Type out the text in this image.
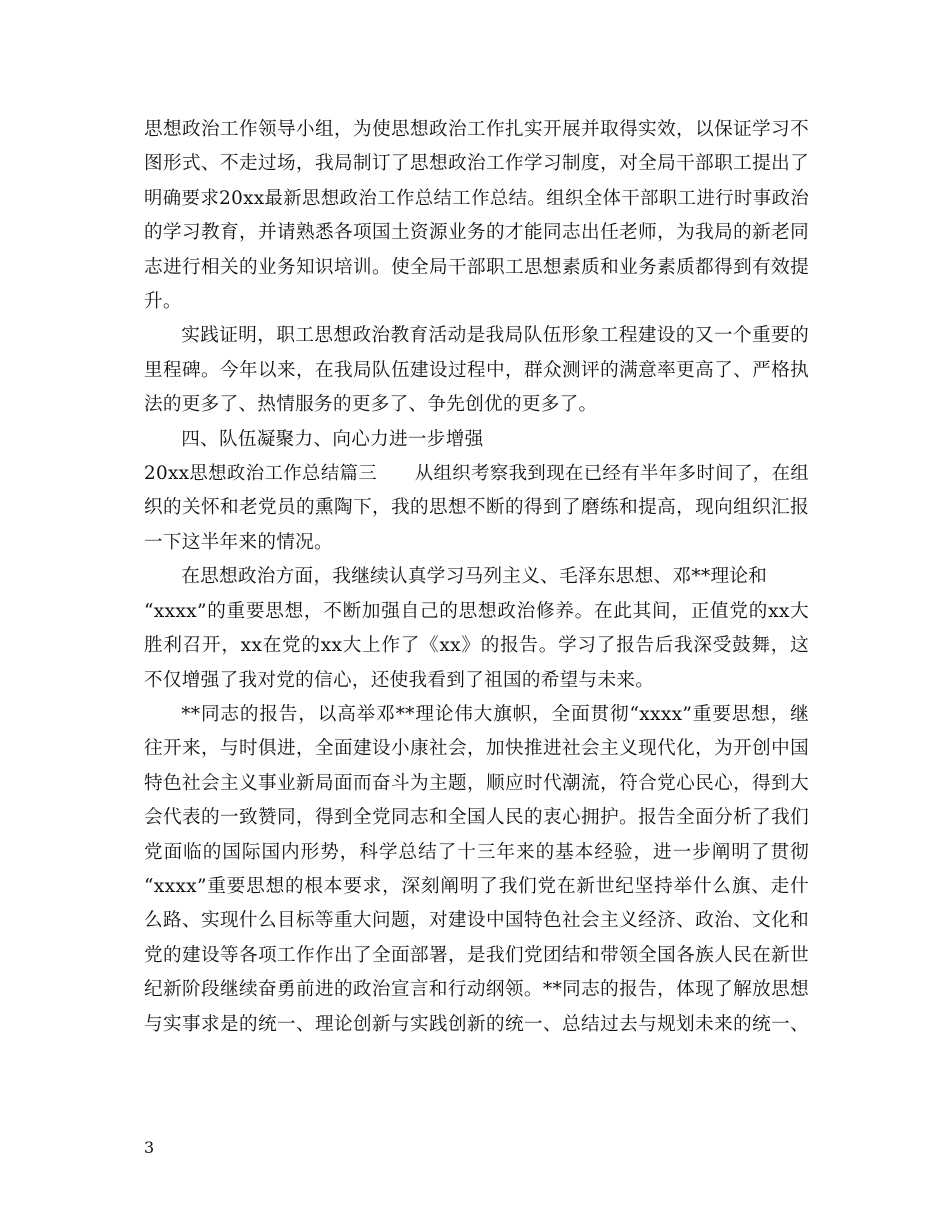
思想政治工作领导小组，为使思想政治工作扎实开展并取得实效，以保证学习不
图形式、不走过场，我局制订了思想政治工作学习制度，对全局干部职工提出了
明确要求20xx最新思想政治工作总结工作总结。组织全体干部职工进行时事政治
的学习教育，并请熟悉各项国土资源业务的才能同志出任老师，为我局的新老同
志进行相关的业务知识培训。使全局干部职工思想素质和业务素质都得到有效提
升。
实践证明，职工思想政治教育活动是我局队伍形象工程建设的又一个重要的
里程碑。今年以来，在我局队伍建设过程中，群众测评的满意率更高了、严格执
法的更多了、热情服务的更多了、争先创优的更多了。
四、队伍凝聚力、向心力进一步增强
20xx思想政治工作总结篇三　　从组织考察我到现在已经有半年多时间了，在组
织的关怀和老党员的熏陶下，我的思想不断的得到了磨练和提高，现向组织汇报
一下这半年来的情况。
在思想政治方面，我继续认真学习马列主义、毛泽东思想、邓**理论和
“xxxx”的重要思想，不断加强自己的思想政治修养。在此其间，正值党的xx大
胜利召开，xx在党的xx大上作了《xx》的报告。学习了报告后我深受鼓舞，这
不仅增强了我对党的信心，还使我看到了祖国的希望与未来。
**同志的报告，以高举邓**理论伟大旗帜，全面贯彻“xxxx”重要思想，继
往开来，与时俱进，全面建设小康社会，加快推进社会主义现代化，为开创中国
特色社会主义事业新局面而奋斗为主题，顺应时代潮流，符合党心民心，得到大
会代表的一致赞同，得到全党同志和全国人民的衷心拥护。报告全面分析了我们
党面临的国际国内形势，科学总结了十三年来的基本经验，进一步阐明了贯彻
“xxxx”重要思想的根本要求，深刻阐明了我们党在新世纪坚持举什么旗、走什
么路、实现什么目标等重大问题，对建设中国特色社会主义经济、政治、文化和
党的建设等各项工作作出了全面部署，是我们党团结和带领全国各族人民在新世
纪新阶段继续奋勇前进的政治宣言和行动纲领。**同志的报告，体现了解放思想
与实事求是的统一、理论创新与实践创新的统一、总结过去与规划未来的统一、
3
